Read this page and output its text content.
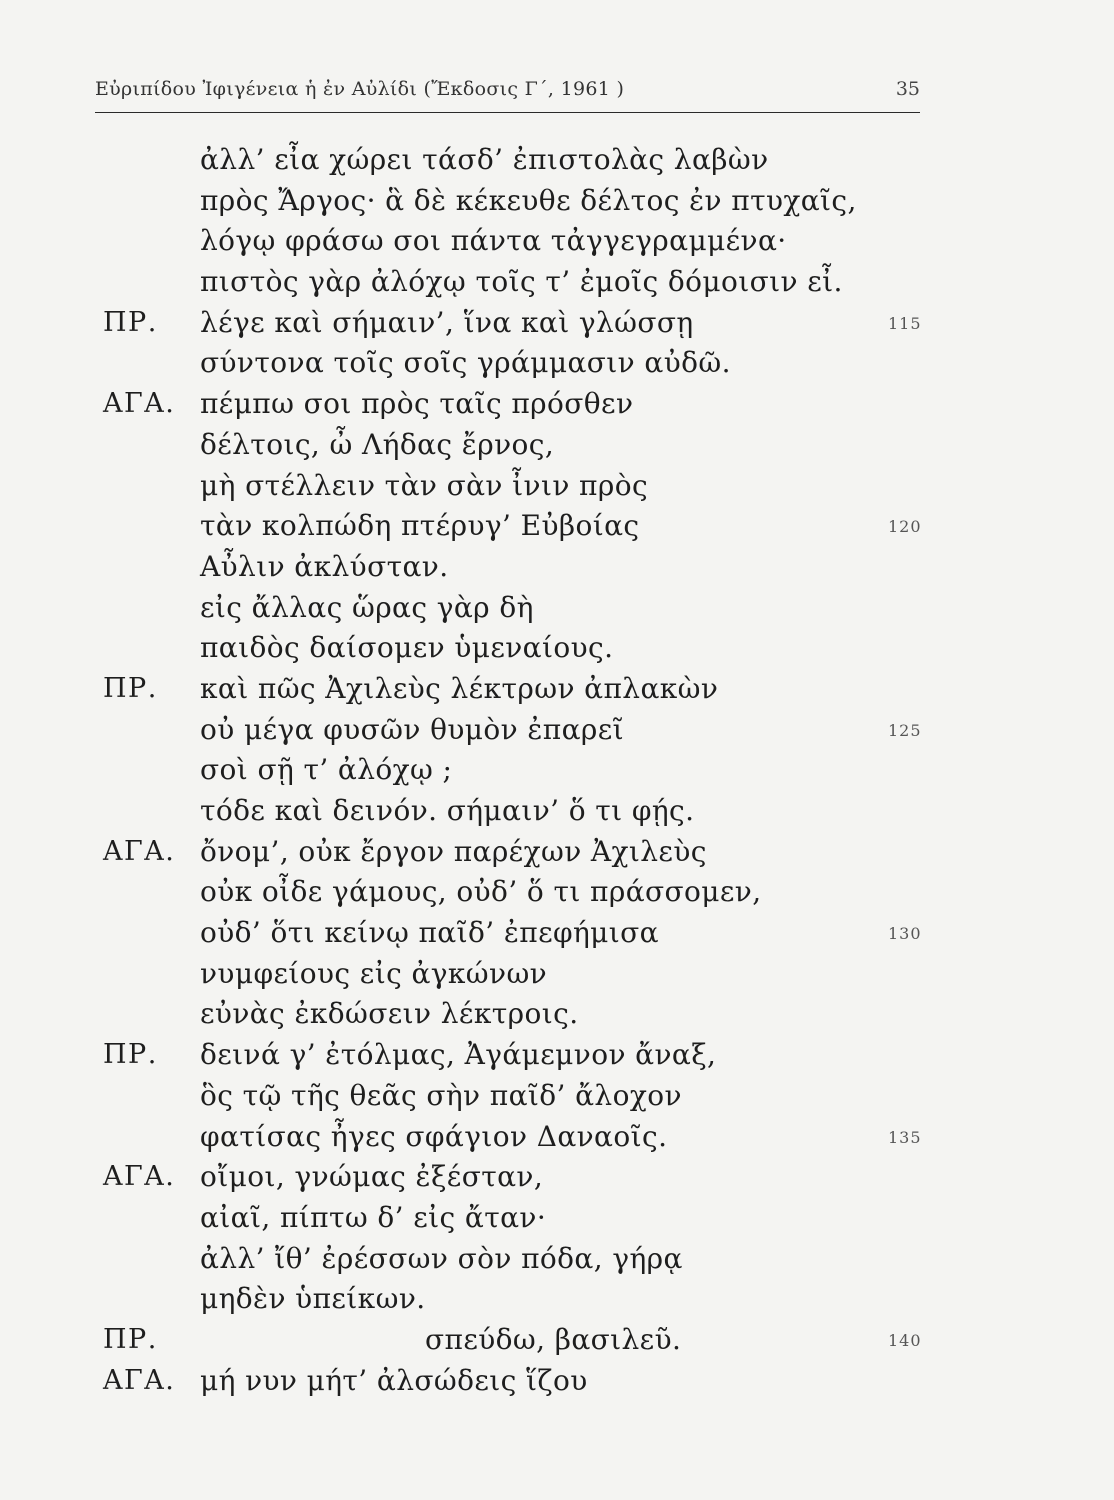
Εὐριπίδου Ἰφιγένεια ἡ ἐν Αὐλίδι (Ἔκδοσις Γ΄, 1961 )	35
ἀλλ’ εἶα χώρει τάσδ’ ἐπιστολὰς λαβὼν
πρὸς Ἄργος· ἃ δὲ κέκευθε δέλτος ἐν πτυχαῖς,
λόγῳ φράσω σοι πάντα τἀγγεγραμμένα·
πιστὸς γὰρ ἀλόχῳ τοῖς τ’ ἐμοῖς δόμοισιν εἶ.
ΠΡ. λέγε καὶ σήμαιν’, ἵνα καὶ γλώσσῃ	115
σύντονα τοῖς σοῖς γράμμασιν αὐδῶ.
ΑΓΑ. πέμπω σοι πρὸς ταῖς πρόσθεν
δέλτοις, ὦ Λήδας ἔρνος,
μὴ στέλλειν τὰν σὰν ἶνιν πρὸς
τὰν κολπώδη πτέρυγ’ Εὐβοίας	120
Αὖλιν ἀκλύσταν.
εἰς ἄλλας ὥρας γὰρ δὴ
παιδὸς δαίσομεν ὑμεναίους.
ΠΡ. καὶ πῶς Ἀχιλεὺς λέκτρων ἀπλακὼν
οὐ μέγα φυσῶν θυμὸν ἐπαρεῖ	125
σοὶ σῇ τ’ ἀλόχῳ ;
τόδε καὶ δεινόν. σήμαιν’ ὅ τι φῄς.
ΑΓΑ. ὄνομ’, οὐκ ἔργον παρέχων Ἀχιλεὺς
οὐκ οἶδε γάμους, οὐδ’ ὅ τι πράσσομεν,
οὐδ’ ὅτι κείνῳ παῖδ’ ἐπεφήμισα	130
νυμφείους εἰς ἀγκώνων
εὐνὰς ἐκδώσειν λέκτροις.
ΠΡ. δεινά γ’ ἐτόλμας, Ἀγάμεμνον ἄναξ,
ὃς τῷ τῆς θεᾶς σὴν παῖδ’ ἄλοχον
φατίσας ἦγες σφάγιον Δαναοῖς.	135
ΑΓΑ. οἴμοι, γνώμας ἐξέσταν,
αἰαῖ, πίπτω δ’ εἰς ἄταν·
ἀλλ’ ἴθ’ ἐρέσσων σὸν πόδα, γήρᾳ
μηδὲν ὑπείκων.
ΠΡ.	σπεύδω, βασιλεῦ.	140
ΑΓΑ. μή νυν μήτ’ ἀλσώδεις ἵζου
